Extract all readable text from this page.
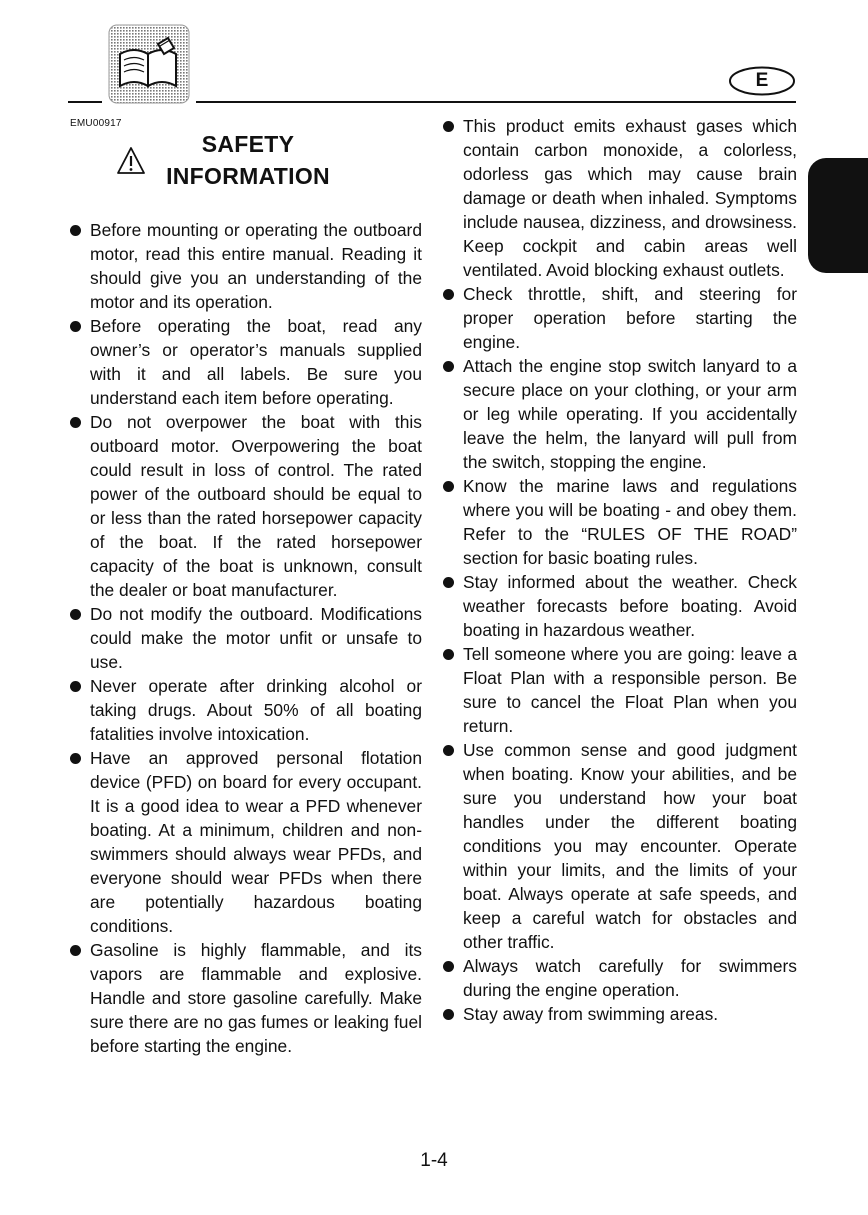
E
EMU00917
SAFETY
INFORMATION
Before mounting or operating the outboard motor, read this entire manual. Reading it should give you an understanding of the motor and its operation.
Before operating the boat, read any owner’s or operator’s manuals supplied with it and all labels. Be sure you understand each item before operating.
Do not overpower the boat with this outboard motor. Overpowering the boat could result in loss of control. The rated power of the outboard should be equal to or less than the rated horsepower capacity of the boat. If the rated horsepower capacity of the boat is unknown, consult the dealer or boat manufacturer.
Do not modify the outboard. Modifications could make the motor unfit or unsafe to use.
Never operate after drinking alcohol or taking drugs. About 50% of all boating fatalities involve intoxication.
Have an approved personal flotation device (PFD) on board for every occupant. It is a good idea to wear a PFD whenever boating. At a minimum, children and non-swimmers should always wear PFDs, and everyone should wear PFDs when there are potentially hazardous boating conditions.
Gasoline is highly flammable, and its vapors are flammable and explosive. Handle and store gasoline carefully. Make sure there are no gas fumes or leaking fuel before starting the engine.
This product emits exhaust gases which contain carbon monoxide, a colorless, odorless gas which may cause brain damage or death when inhaled. Symptoms include nausea, dizziness, and drowsiness. Keep cockpit and cabin areas well ventilated. Avoid blocking exhaust outlets.
Check throttle, shift, and steering for proper operation before starting the engine.
Attach the engine stop switch lanyard to a secure place on your clothing, or your arm or leg while operating. If you accidentally leave the helm, the lanyard will pull from the switch, stopping the engine.
Know the marine laws and regulations where you will be boating - and obey them. Refer to the “RULES OF THE ROAD” section for basic boating rules.
Stay informed about the weather. Check weather forecasts before boating. Avoid boating in hazardous weather.
Tell someone where you are going: leave a Float Plan with a responsible person. Be sure to cancel the Float Plan when you return.
Use common sense and good judgment when boating. Know your abilities, and be sure you understand how your boat handles under the different boating conditions you may encounter. Operate within your limits, and the limits of your boat. Always operate at safe speeds, and keep a careful watch for obstacles and other traffic.
Always watch carefully for swimmers during the engine operation.
Stay away from swimming areas.
1-4
